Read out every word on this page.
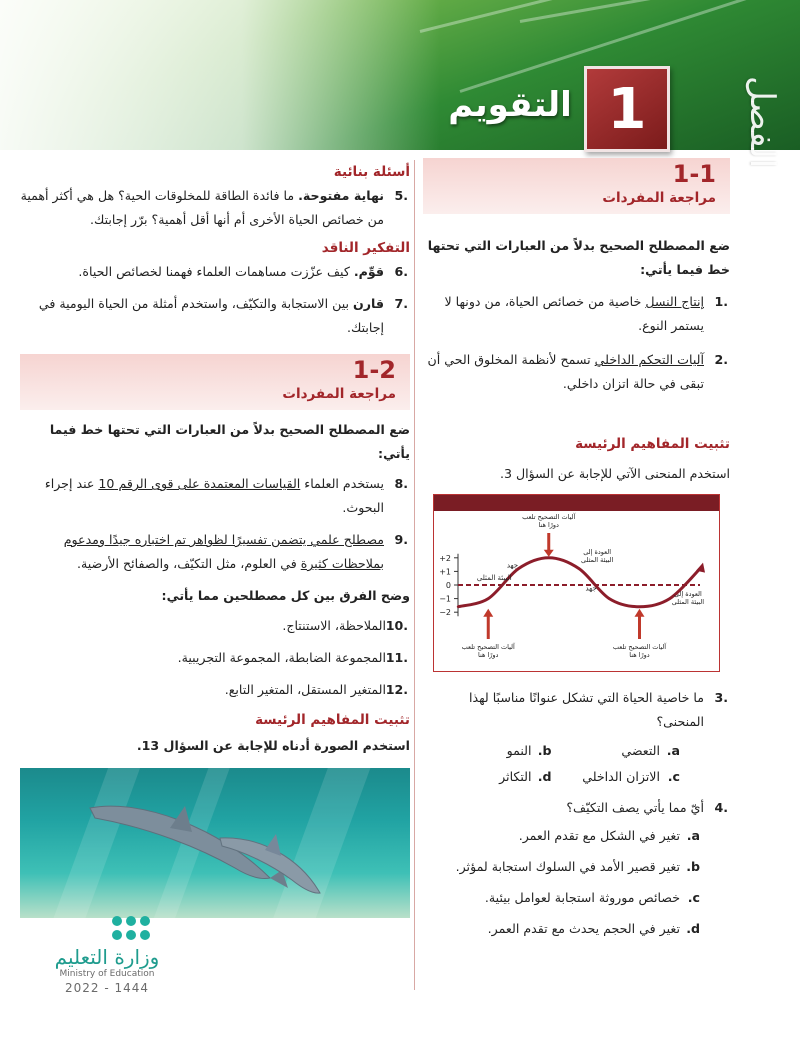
الفصل
1
التقويم
1-1
مراجعة المفردات
ضع المصطلح الصحيح بدلاً من العبارات التي تحتها خط فيما يأتي:
1.
إنتاج النسل خاصية من خصائص الحياة، من دونها لا يستمر النوع.
2.
آليات التحكم الداخلي تسمح لأنظمة المخلوق الحي أن تبقى في حالة اتزان داخلي.
تثبيت المفاهيم الرئيسة
استخدم المنحنى الآتي للإجابة عن السؤال 3.
+2
+1
0
−1
−2
آليات التصحيح تلعب
دورًا هنا
جهد
العودة إلى
البيئة المثلى
البيئة المثلى
جهد
العودة إلى
البيئة المثلى
آليات التصحيح تلعب
دورًا هنا
آليات التصحيح تلعب
دورًا هنا
3.
ما خاصية الحياة التي تشكل عنوانًا مناسبًا لهذا المنحنى؟
a.
التعضي
b.
النمو
c.
الاتزان الداخلي
d.
التكاثر
4.
أيّ مما يأتي يصف التكيّف؟
a.
تغير في الشكل مع تقدم العمر.
b.
تغير قصير الأمد في السلوك استجابة لمؤثر.
c.
خصائص موروثة استجابة لعوامل بيئية.
d.
تغير في الحجم يحدث مع تقدم العمر.
أسئلة بنائية
5.
نهاية مفتوحة. ما فائدة الطاقة للمخلوقات الحية؟ هل هي أكثر أهمية من خصائص الحياة الأخرى أم أنها أقل أهمية؟ برّر إجابتك.
التفكير الناقد
6.
قوِّم. كيف عزّزت مساهمات العلماء فهمنا لخصائص الحياة.
7.
قارن بين الاستجابة والتكيّف، واستخدم أمثلة من الحياة اليومية في إجابتك.
1-2
مراجعة المفردات
ضع المصطلح الصحيح بدلاً من العبارات التي تحتها خط فيما يأتي:
8.
يستخدم العلماء القياسات المعتمدة على قوى الرقم 10 عند إجراء البحوث.
9.
مصطلح علمي يتضمن تفسيرًا لظواهر تم اختباره جيدًا ومدعوم بملاحظات كثيرة في العلوم، مثل التكيّف، والصفائح الأرضية.
وضح الفرق بين كل مصطلحين مما يأتي:
10.
الملاحظة، الاستنتاج.
11.
المجموعة الضابطة، المجموعة التجريبية.
12.
المتغير المستقل، المتغير التابع.
تثبيت المفاهيم الرئيسة
استخدم الصورة أدناه للإجابة عن السؤال 13.
وزارة التعليم
Ministry of Education
2022 - 1444
